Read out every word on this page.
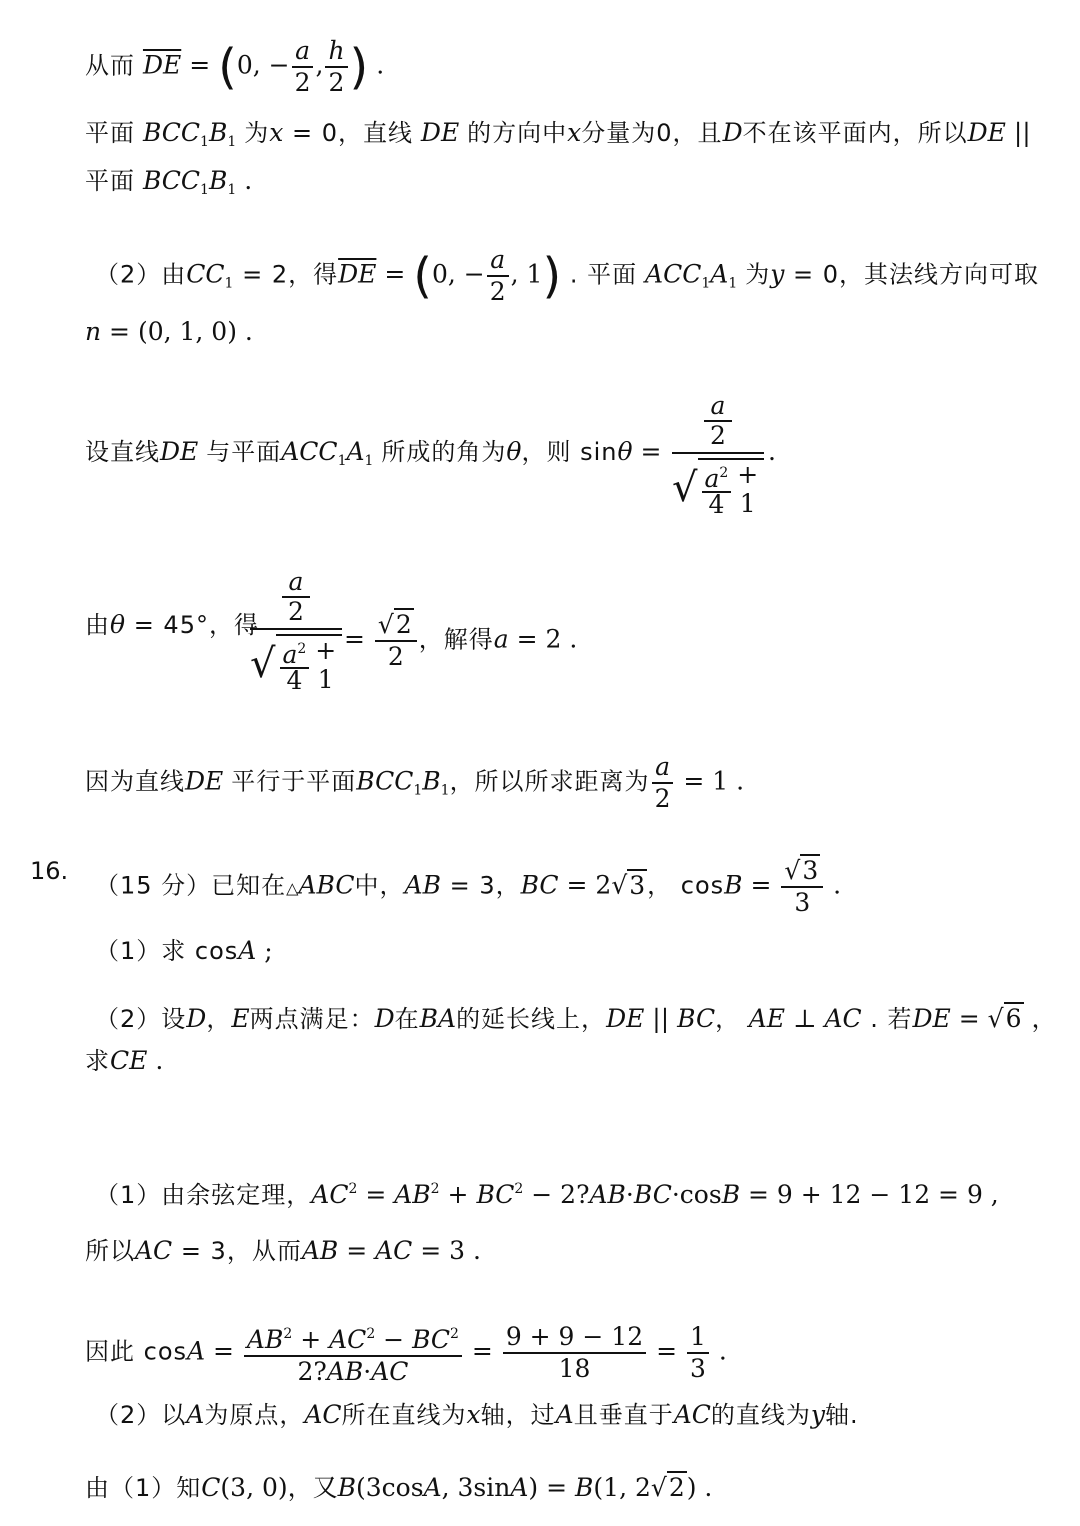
从而 $\overline{DE} = (0$, − $\frac{a}{2}$ , $\frac{h}{2}$ ) .
平面 $BCC_1B_1$ 为x = 0，直线 DE 的方向中x分量为0，且D不在该平面内，所以DE ||
平面 $BCC_1B_1$ .
（2）由$CC_1 = 2$，得$\overline{DE} = (0$, − $\frac{a}{2}$ , 1) . 平面 $ACC_1A_1$ 为y = 0，其法线方向可取
n = (0, 1, 0) .
设直线DE 与平面$ACC_1A_1$ 所成的角为θ，则 sinθ =
a
2
√ $\frac{a^2}{4} + 1$
.
由θ = 45°，得
a
2
√ $\frac{a^2}{4} + 1$
= $\frac{√2}{2}$ ，解得a = 2 .
因为直线DE 平行于平面$BCC_1B_1$，所以所求距离为 $\frac{a}{2} = 1$ .
16.
（15 分）已知在△ABC中，AB = 3，BC = 2√3， $\cos B = \frac{√3}{3}$ .
（1）求 cosA ;
（2）设D，E两点满足：D在BA的延长线上，DE || BC， AE ⊥ AC . 若DE = √6 ，
求CE .
（1）由余弦定理，$AC^2 = AB^2 + BC^2$ − 2?AB·BC·cosB = 9 + 12 − 12 = 9 ,
所以AC = 3，从而AB = AC = 3 .
因此 $\cos A = \frac{AB^2 + AC^2 - BC^2}{2?AB\cdot AC} = \frac{9 + 9 - 12}{18} = \frac{1}{3}$ .
（2）以A为原点，AC所在直线为x轴，过A且垂直于AC的直线为y轴.
由（1）知C(3, 0)，又B(3cosA, 3sinA) = B(1, 2√2) .
